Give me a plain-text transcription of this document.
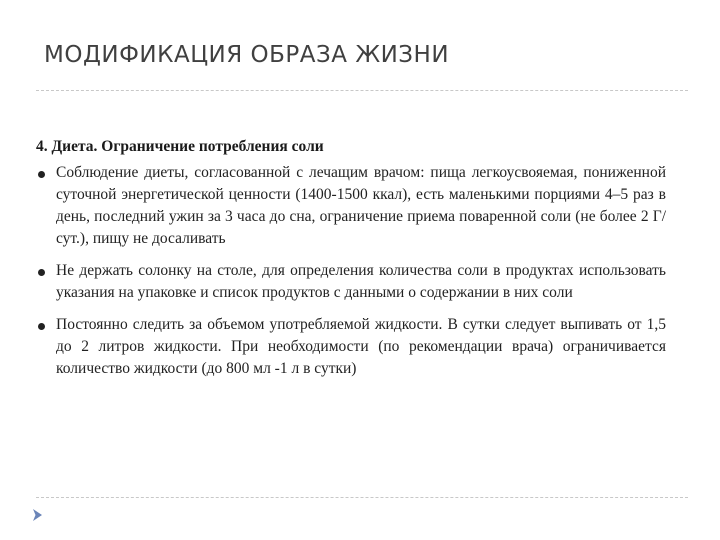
МОДИФИКАЦИЯ ОБРАЗА ЖИЗНИ
4. Диета. Ограничение потребления соли
Соблюдение диеты, согласованной с лечащим врачом: пища легкоусвояемая, пониженной суточной энергетической ценности (1400-1500 ккал), есть маленькими порциями 4–5 раз в день, последний ужин за 3 часа до сна, ограничение приема поваренной соли (не более 2 Г/сут.), пищу не досаливать
Не держать солонку на столе, для определения количества соли в продуктах использовать указания на упаковке и список продуктов с данными о содержании в них соли
Постоянно следить за объемом употребляемой жидкости. В сутки следует выпивать от 1,5 до 2 литров жидкости. При необходимости (по рекомендации врача) ограничивается количество жидкости (до 800 мл -1 л в сутки)
